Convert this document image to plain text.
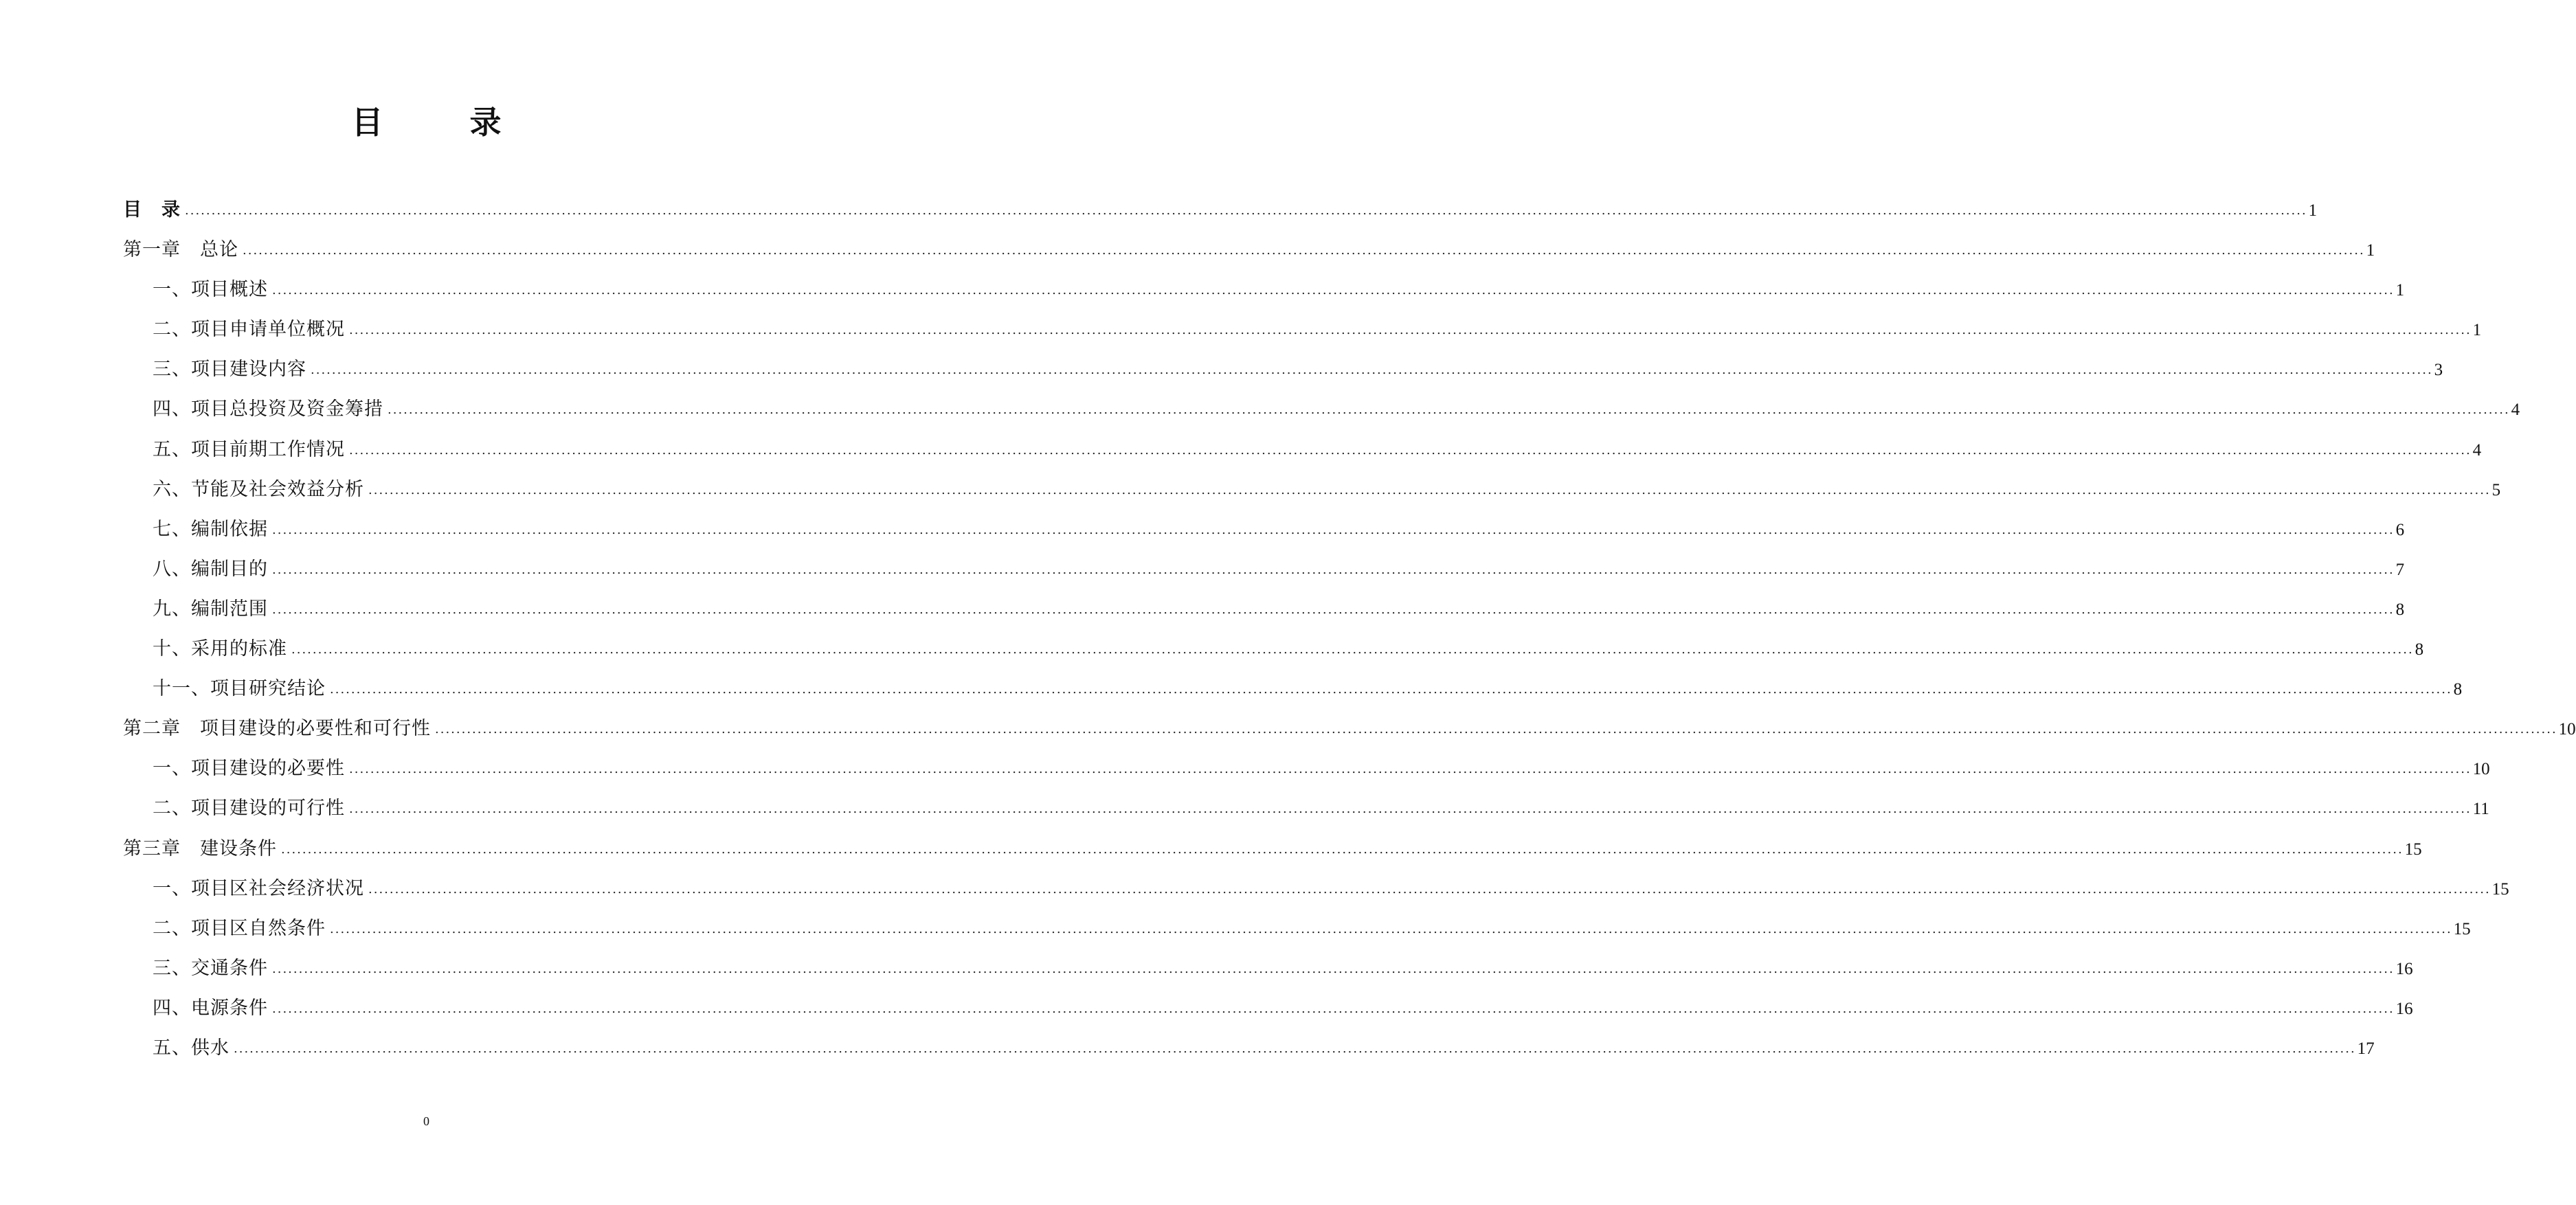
目　录
目　录 ................................................................................................................................................................................................................................................................................................................................................................................................................ 1
第一章　总论 ................................................................................................................................................................................................................................................................................................................................................................................................................ 1
一、项目概述 ................................................................................................................................................................................................................................................................................................................................................................................................................ 1
二、项目申请单位概况 ................................................................................................................................................................................................................................................................................................................................................................................................................ 1
三、项目建设内容 ................................................................................................................................................................................................................................................................................................................................................................................................................ 3
四、项目总投资及资金筹措 ................................................................................................................................................................................................................................................................................................................................................................................................................ 4
五、项目前期工作情况 ................................................................................................................................................................................................................................................................................................................................................................................................................ 4
六、节能及社会效益分析 ................................................................................................................................................................................................................................................................................................................................................................................................................ 5
七、编制依据 ................................................................................................................................................................................................................................................................................................................................................................................................................ 6
八、编制目的 ................................................................................................................................................................................................................................................................................................................................................................................................................ 7
九、编制范围 ................................................................................................................................................................................................................................................................................................................................................................................................................ 8
十、采用的标准 ................................................................................................................................................................................................................................................................................................................................................................................................................ 8
十一、项目研究结论 ................................................................................................................................................................................................................................................................................................................................................................................................................ 8
第二章　项目建设的必要性和可行性 ................................................................................................................................................................................................................................................................................................................................................................................................................ 10
一、项目建设的必要性 ................................................................................................................................................................................................................................................................................................................................................................................................................ 10
二、项目建设的可行性 ................................................................................................................................................................................................................................................................................................................................................................................................................ 11
第三章　建设条件 ................................................................................................................................................................................................................................................................................................................................................................................................................ 15
一、项目区社会经济状况 ................................................................................................................................................................................................................................................................................................................................................................................................................ 15
二、项目区自然条件 ................................................................................................................................................................................................................................................................................................................................................................................................................ 15
三、交通条件 ................................................................................................................................................................................................................................................................................................................................................................................................................ 16
四、电源条件 ................................................................................................................................................................................................................................................................................................................................................................................................................ 16
五、供水 ................................................................................................................................................................................................................................................................................................................................................................................................................ 17
0
